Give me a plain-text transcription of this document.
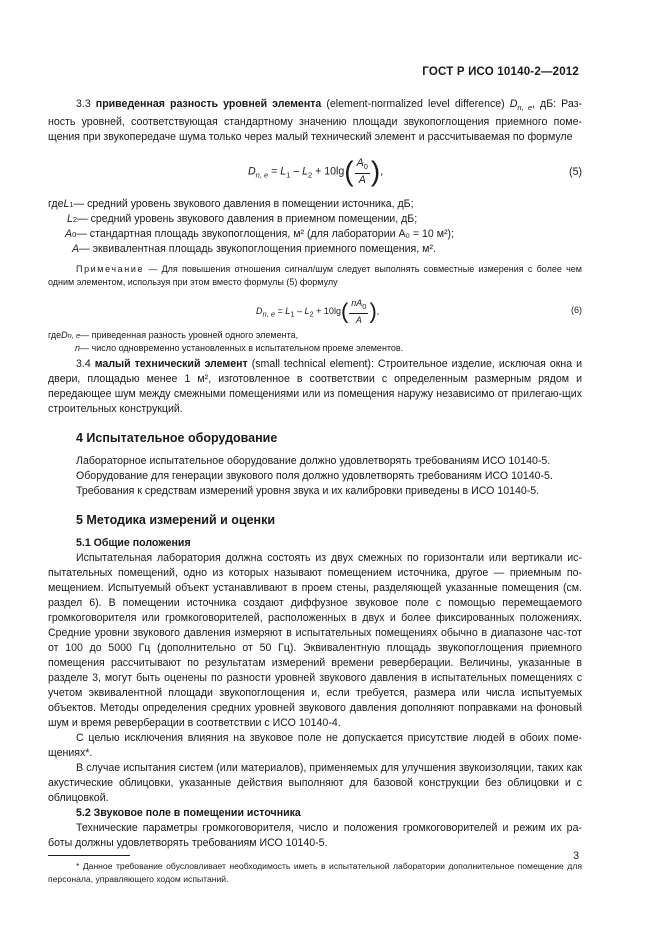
ГОСТ Р ИСО 10140-2—2012

3.3 приведенная разность уровней элемента (element-normalized level difference) $D_{n, e}$, дБ: Раз- ность уровней, соответствующая стандартному значению площади звукопоглощения приемного поме-щения при звукопередаче шума только через малый технический элемент и рассчитываемая по формуле

$D_{n, e} = L_1 - L_2 + 10\lg( \frac{A_0}{A}$ ),	(5)
где L 1 — средний уровень звукового давления в помещении источника, дБ;
L 2 — средний уровень звукового давления в приемном помещении, дБ;
A 0 — стандартная площадь звукопоглощения, м² (для лаборатории A₀ = 10 м²);
A — эквивалентная площадь звукопоглощения приемного помещения, м².

Примечание — Для повышения отношения сигнал/шум следует выполнять совместные измерения с более чем одним элементом, используя при этом вместо формулы (5) формулу

$D_{n, e} = L_1 - L_2 + 10\lg( \frac{nA_0}{A}$ ),	(6)
где D n, e — приведенная разность уровней одного элемента,
n — число одновременно установленных в испытательном проеме элементов.

3.4 малый технический элемент (small technical element): Строительное изделие, исключая окна и двери, площадью менее 1 м², изготовленное в соответствии с определенным размерным рядом и передающее шум между смежными помещениями или из помещения наружу независимо от прилегаю-щих строительных конструкций.

4 Испытательное оборудование

Лабораторное испытательное оборудование должно удовлетворять требованиям ИСО 10140-5.

Оборудование для генерации звукового поля должно удовлетворять требованиям ИСО 10140-5.

Требования к средствам измерений уровня звука и их калибровки приведены в ИСО 10140-5.

5 Методика измерений и оценки
5.1 Общие положения

Испытательная лаборатория должна состоять из двух смежных по горизонтали или вертикали ис-пытательных помещений, одно из которых называют помещением источника, другое — приемным по-мещением. Испытуемый объект устанавливают в проем стены, разделяющей указанные помещения (см. раздел 6). В помещении источника создают диффузное звуковое поле с помощью перемещаемого громкоговорителя или громкоговорителей, расположенных в двух и более фиксированных положениях. Средние уровни звукового давления измеряют в испытательных помещениях обычно в диапазоне час-тот от 100 до 5000 Гц (дополнительно от 50 Гц). Эквивалентную площадь звукопоглощения приемного помещения рассчитывают по результатам измерений времени реверберации. Величины, указанные в разделе 3, могут быть оценены по разности уровней звукового давления в испытательных помещениях с учетом эквивалентной площади звукопоглощения и, если требуется, размера или числа испытуемых объектов. Методы определения средних уровней звукового давления дополняют поправками на фоновый шум и время реверберации в соответствии с ИСО 10140-4.

С целью исключения влияния на звуковое поле не допускается присутствие людей в обоих поме-щениях*.

В случае испытания систем (или материалов), применяемых для улучшения звукоизоляции, таких как акустические облицовки, указанные действия выполняют для базовой конструкции без облицовки и с облицовкой.

5.2 Звуковое поле в помещении источника

Технические параметры громкоговорителя, число и положения громкоговорителей и режим их ра-боты должны удовлетворять требованиям ИСО 10140-5.

* Данное требование обусловливает необходимость иметь в испытательной лаборатории дополнительное помещение для персонала, управляющего ходом испытаний.

3
